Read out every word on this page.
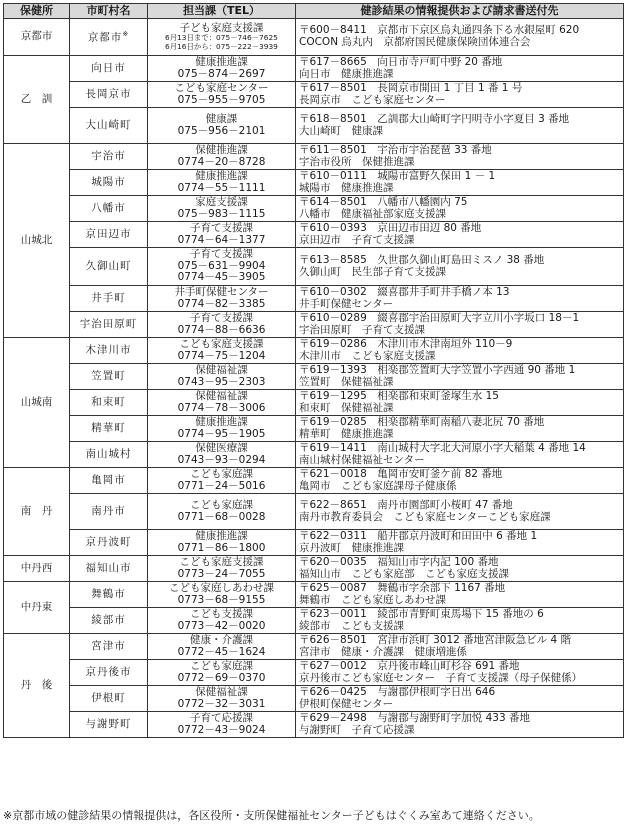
保健所	市町村名	担当課（TEL）	健診結果の情報提供および請求書送付先
京都市	京都市※	子ども家庭支援課
6月13日まで：075－746－7625
6月16日から：075－222－3939	〒600－8411　京都市下京区烏丸通四条下る水銀屋町 620
COCON 烏丸内　京都府国民健康保険団体連合会

乙　訓	向日市	健康推進課
075－874－2697	〒617－8665　向日市寺戸町中野 20 番地
向日市　健康推進課

	長岡京市	こども家庭センター
075－955－9705	〒617－8501　長岡京市開田 1 丁目 1 番 1 号
長岡京市　こども家庭センター

	大山崎町	健康課
075－956－2101	〒618－8501　乙訓郡大山崎町字円明寺小字夏目 3 番地
大山崎町　健康課

山城北	宇治市	保健推進課
0774－20－8728	〒611－8501　宇治市宇治琵琶 33 番地
宇治市役所　保健推進課

	城陽市	健康推進課
0774－55－1111	〒610－0111　城陽市富野久保田 1 － 1
城陽市　健康推進課

	八幡市	家庭支援課
075－983－1115	〒614－8501　八幡市八幡園内 75
八幡市　健康福祉部家庭支援課

	京田辺市	子育て支援課
0774－64－1377	〒610－0393　京田辺市田辺 80 番地
京田辺市　子育て支援課

	久御山町	子育て支援課
075－631－9904
0774－45－3905	〒613－8585　久世郡久御山町島田ミスノ 38 番地
久御山町　民生部子育て支援課

	井手町	井手町保健センター
0774－82－3385	〒610－0302　綴喜郡井手町井手橋ノ本 13
井手町保健センター

	宇治田原町	子育て支援課
0774－88－6636	〒610－0289　綴喜郡宇治田原町大字立川小字坂口 18－1
宇治田原町　子育て支援課

山城南	木津川市	こども家庭支援課
0774－75－1204	〒619－0286　木津川市木津南垣外 110－9
木津川市　こども家庭支援課

	笠置町	保健福祉課
0743－95－2303	〒619－1393　相楽郡笠置町大字笠置小字西通 90 番地 1
笠置町　保健福祉課

	和束町	保健福祉課
0774－78－3006	〒619－1295　相楽郡和束町釜塚生水 15
和束町　保健福祉課

	精華町	健康推進課
0774－95－1905	〒619－0285　相楽郡精華町南稲八妻北尻 70 番地
精華町　健康推進課

	南山城村	保健医療課
0743－93－0294	〒619－1411　南山城村大字北大河原小字大稲葉 4 番地 14
南山城村保健福祉センター

南　丹	亀岡市	こども家庭課
0771－24－5016	〒621－0018　亀岡市安町釜ケ前 82 番地
亀岡市　こども家庭課母子健康係

	南丹市	こども家庭課
0771－68－0028	〒622－8651　南丹市園部町小桜町 47 番地
南丹市教育委員会　こども家庭センターこども家庭課

	京丹波町	健康推進課
0771－86－1800	〒622－0311　船井郡京丹波町和田田中 6 番地 1
京丹波町　健康推進課

中丹西	福知山市	こども家庭支援課
0773－24－7055	〒620－0035　福知山市字内記 100 番地
福知山市　こども家庭部　こども家庭支援課

中丹東	舞鶴市	こども家庭しあわせ課
0773－68－9155	〒625－0087　舞鶴市字余部下 1167 番地
舞鶴市　こども家庭しあわせ課

	綾部市	こども支援課
0773－42－0020	〒623－0011　綾部市青野町東馬場下 15 番地の 6
綾部市　こども支援課

丹　後	宮津市	健康・介護課
0772－45－1624	〒626－8501　宮津市浜町 3012 番地宮津阪急ビル 4 階
宮津市　健康・介護課　健康増進係

	京丹後市	こども家庭課
0772－69－0370	〒627－0012　京丹後市峰山町杉谷 691 番地
京丹後市こども家庭センター　子育て支援課（母子保健係）

	伊根町	保健福祉課
0772－32－3031	〒626－0425　与謝郡伊根町字日出 646
伊根町保健センター

	与謝野町	子育て応援課
0772－43－9024	〒629－2498　与謝郡与謝野町字加悦 433 番地
与謝野町　子育て応援課
※京都市域の健診結果の情報提供は，各区役所・支所保健福祉センター子どもはぐくみ室あて連絡ください。
